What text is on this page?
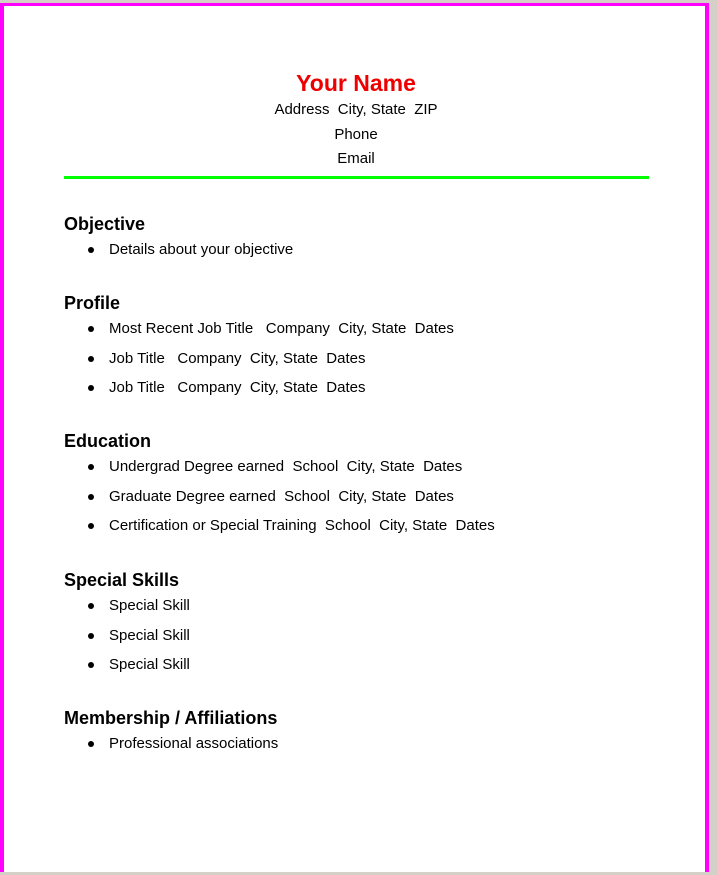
Your Name
Address  City, State  ZIP
Phone
Email
Objective
Details about your objective
Profile
Most Recent Job Title   Company  City, State  Dates
Job Title   Company  City, State  Dates
Job Title   Company  City, State  Dates
Education
Undergrad Degree earned  School  City, State  Dates
Graduate Degree earned  School  City, State  Dates
Certification or Special Training  School  City, State  Dates
Special Skills
Special Skill
Special Skill
Special Skill
Membership / Affiliations
Professional associations
